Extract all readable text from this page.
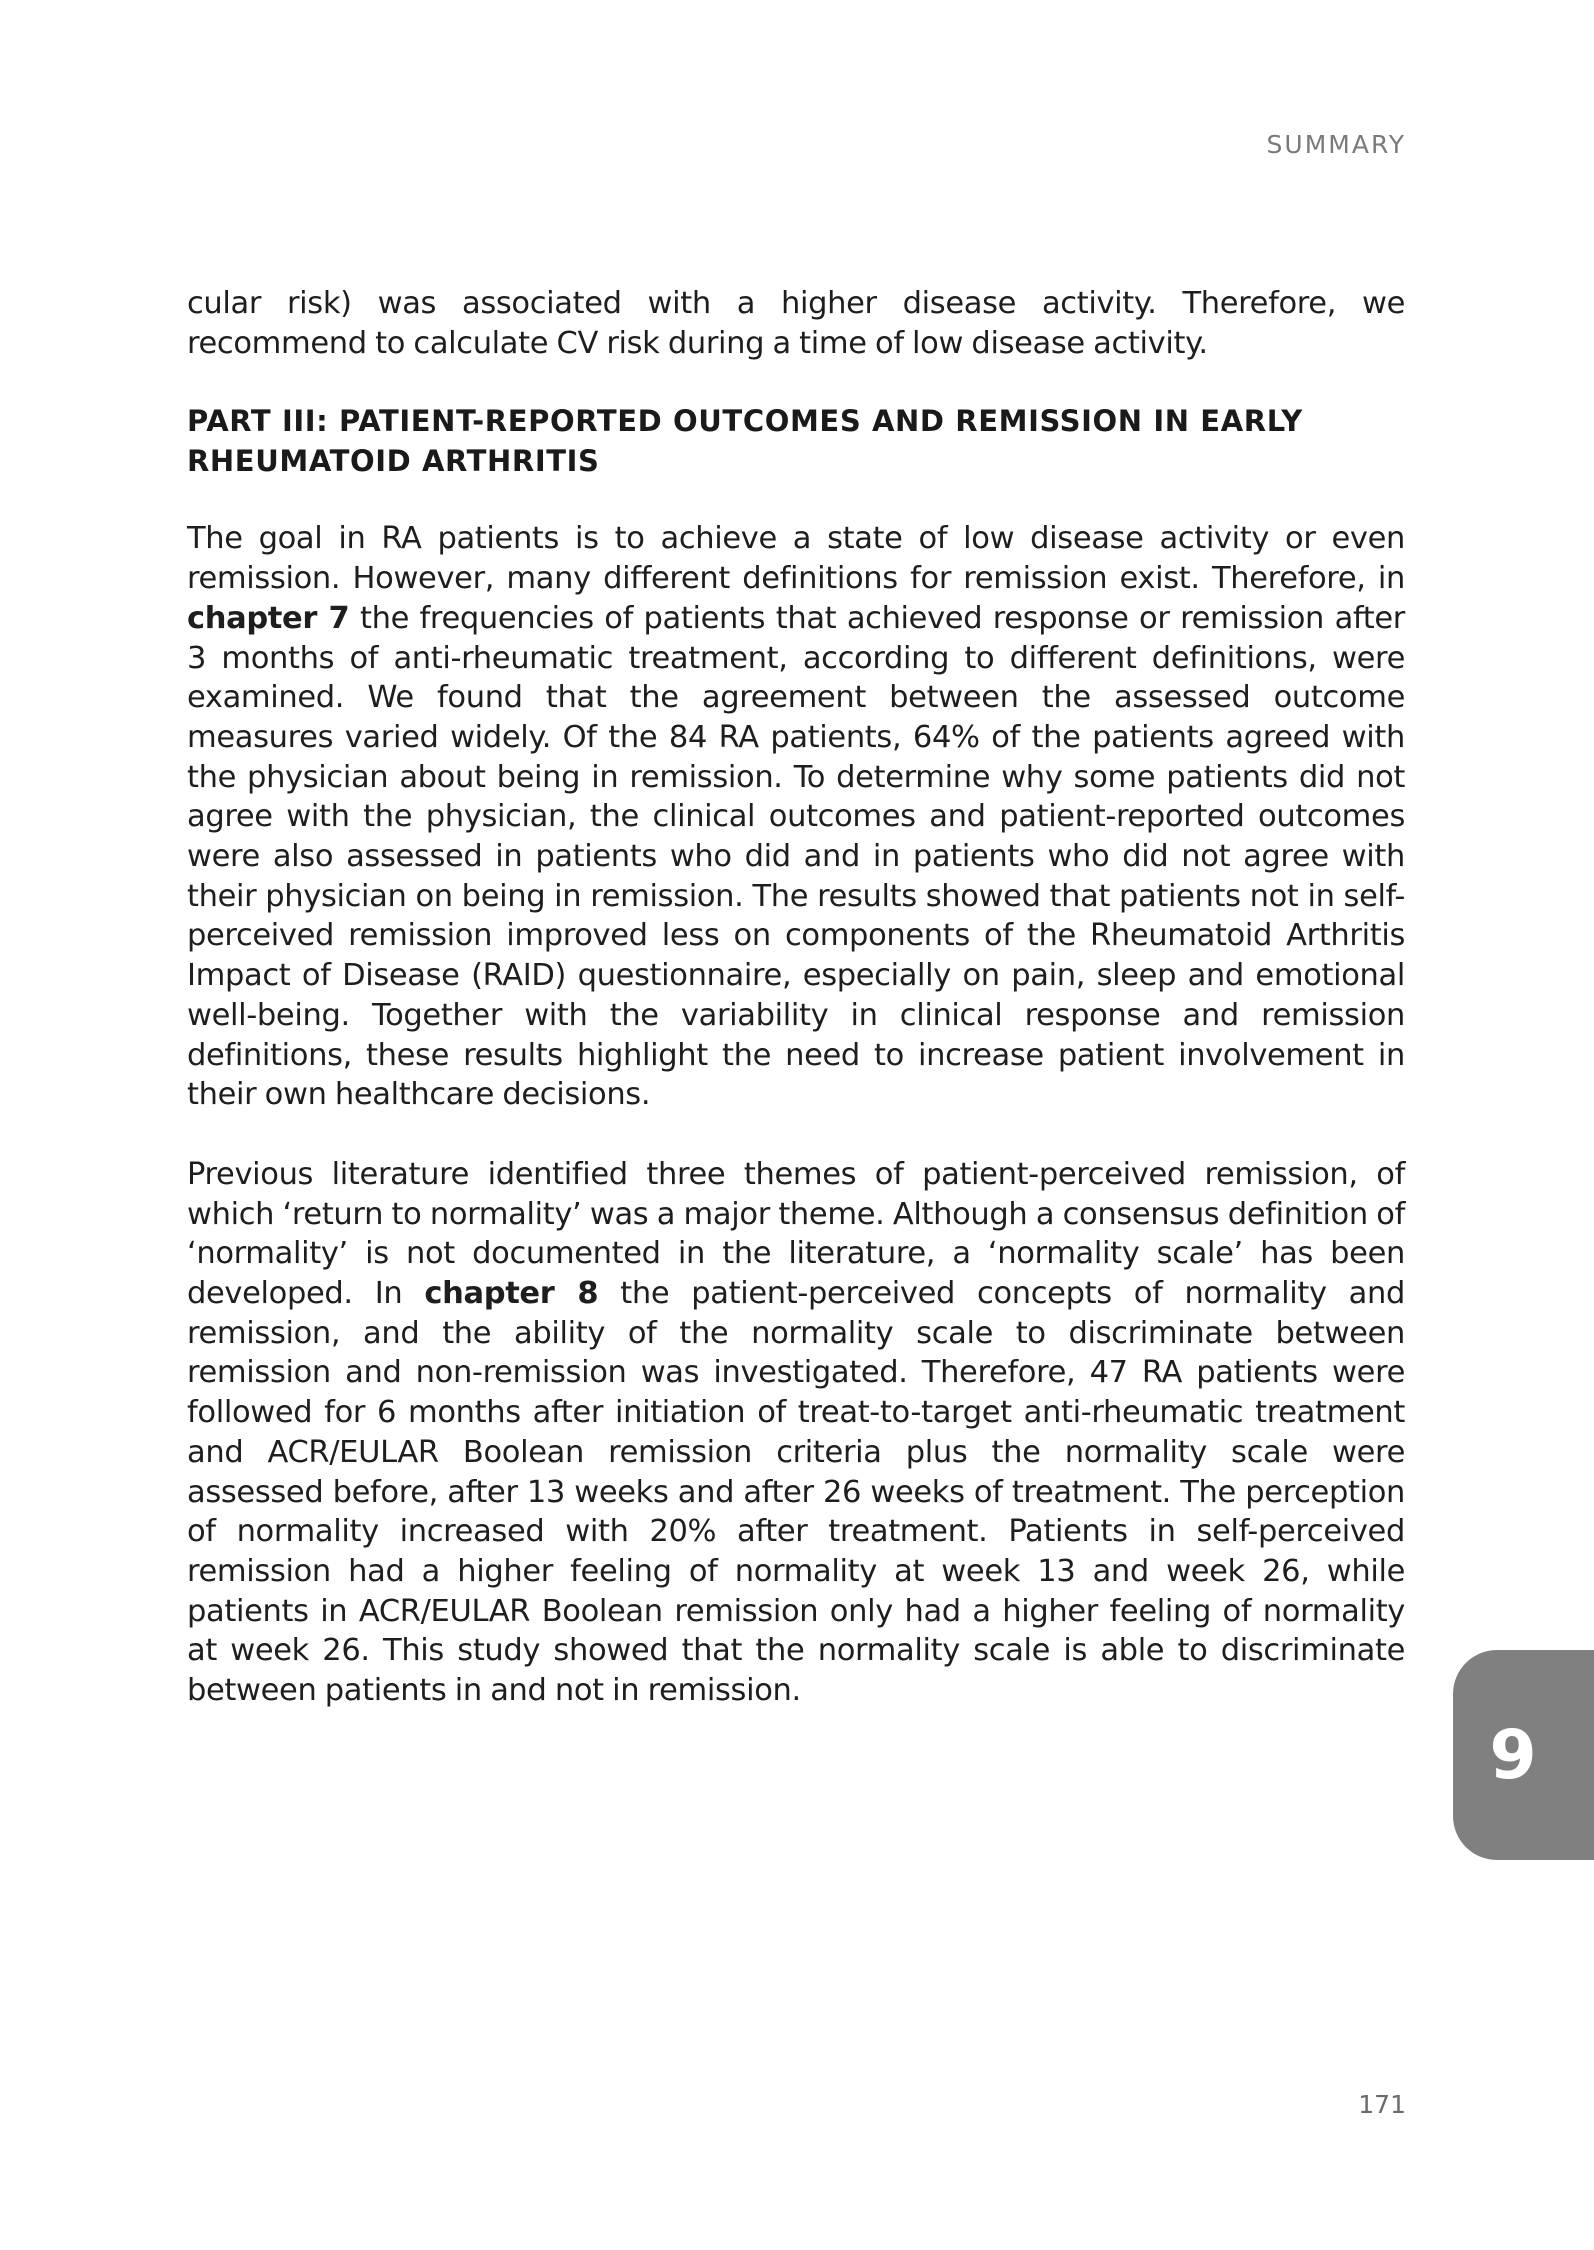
SUMMARY

cular risk) was associated with a higher disease activity. Therefore, we recommend to calculate CV risk during a time of low disease activity.

PART III: PATIENT-REPORTED OUTCOMES AND REMISSION IN EARLY RHEUMATOID ARTHRITIS

The goal in RA patients is to achieve a state of low disease activity or even remission. However, many different definitions for remission exist. Therefore, in chapter 7 the frequencies of patients that achieved response or remission after 3 months of anti-rheumatic treatment, according to different definitions, were examined. We found that the agreement between the assessed outcome measures varied widely. Of the 84 RA patients, 64% of the patients agreed with the physician about being in remission. To determine why some patients did not agree with the physician, the clinical outcomes and patient-reported outcomes were also assessed in patients who did and in patients who did not agree with their physician on being in remission. The results showed that patients not in self-perceived remission improved less on components of the Rheumatoid Arthritis Impact of Disease (RAID) questionnaire, especially on pain, sleep and emotional well-being. Together with the variability in clinical response and remission definitions, these results highlight the need to increase patient involvement in their own healthcare decisions.

Previous literature identified three themes of patient-perceived remission, of which ‘return to normality’ was a major theme. Although a consensus definition of ‘normality’ is not documented in the literature, a ‘normality scale’ has been developed. In chapter 8 the patient-perceived concepts of normality and remission, and the ability of the normality scale to discriminate between remission and non-remission was investigated. Therefore, 47 RA patients were followed for 6 months after initiation of treat-to-target anti-rheumatic treatment and ACR/EULAR Boolean remission criteria plus the normality scale were assessed before, after 13 weeks and after 26 weeks of treatment. The perception of normality increased with 20% after treatment. Patients in self-perceived remission had a higher feeling of normality at week 13 and week 26, while patients in ACR/EULAR Boolean remission only had a higher feeling of normality at week 26. This study showed that the normality scale is able to discriminate between patients in and not in remission.

9

171
